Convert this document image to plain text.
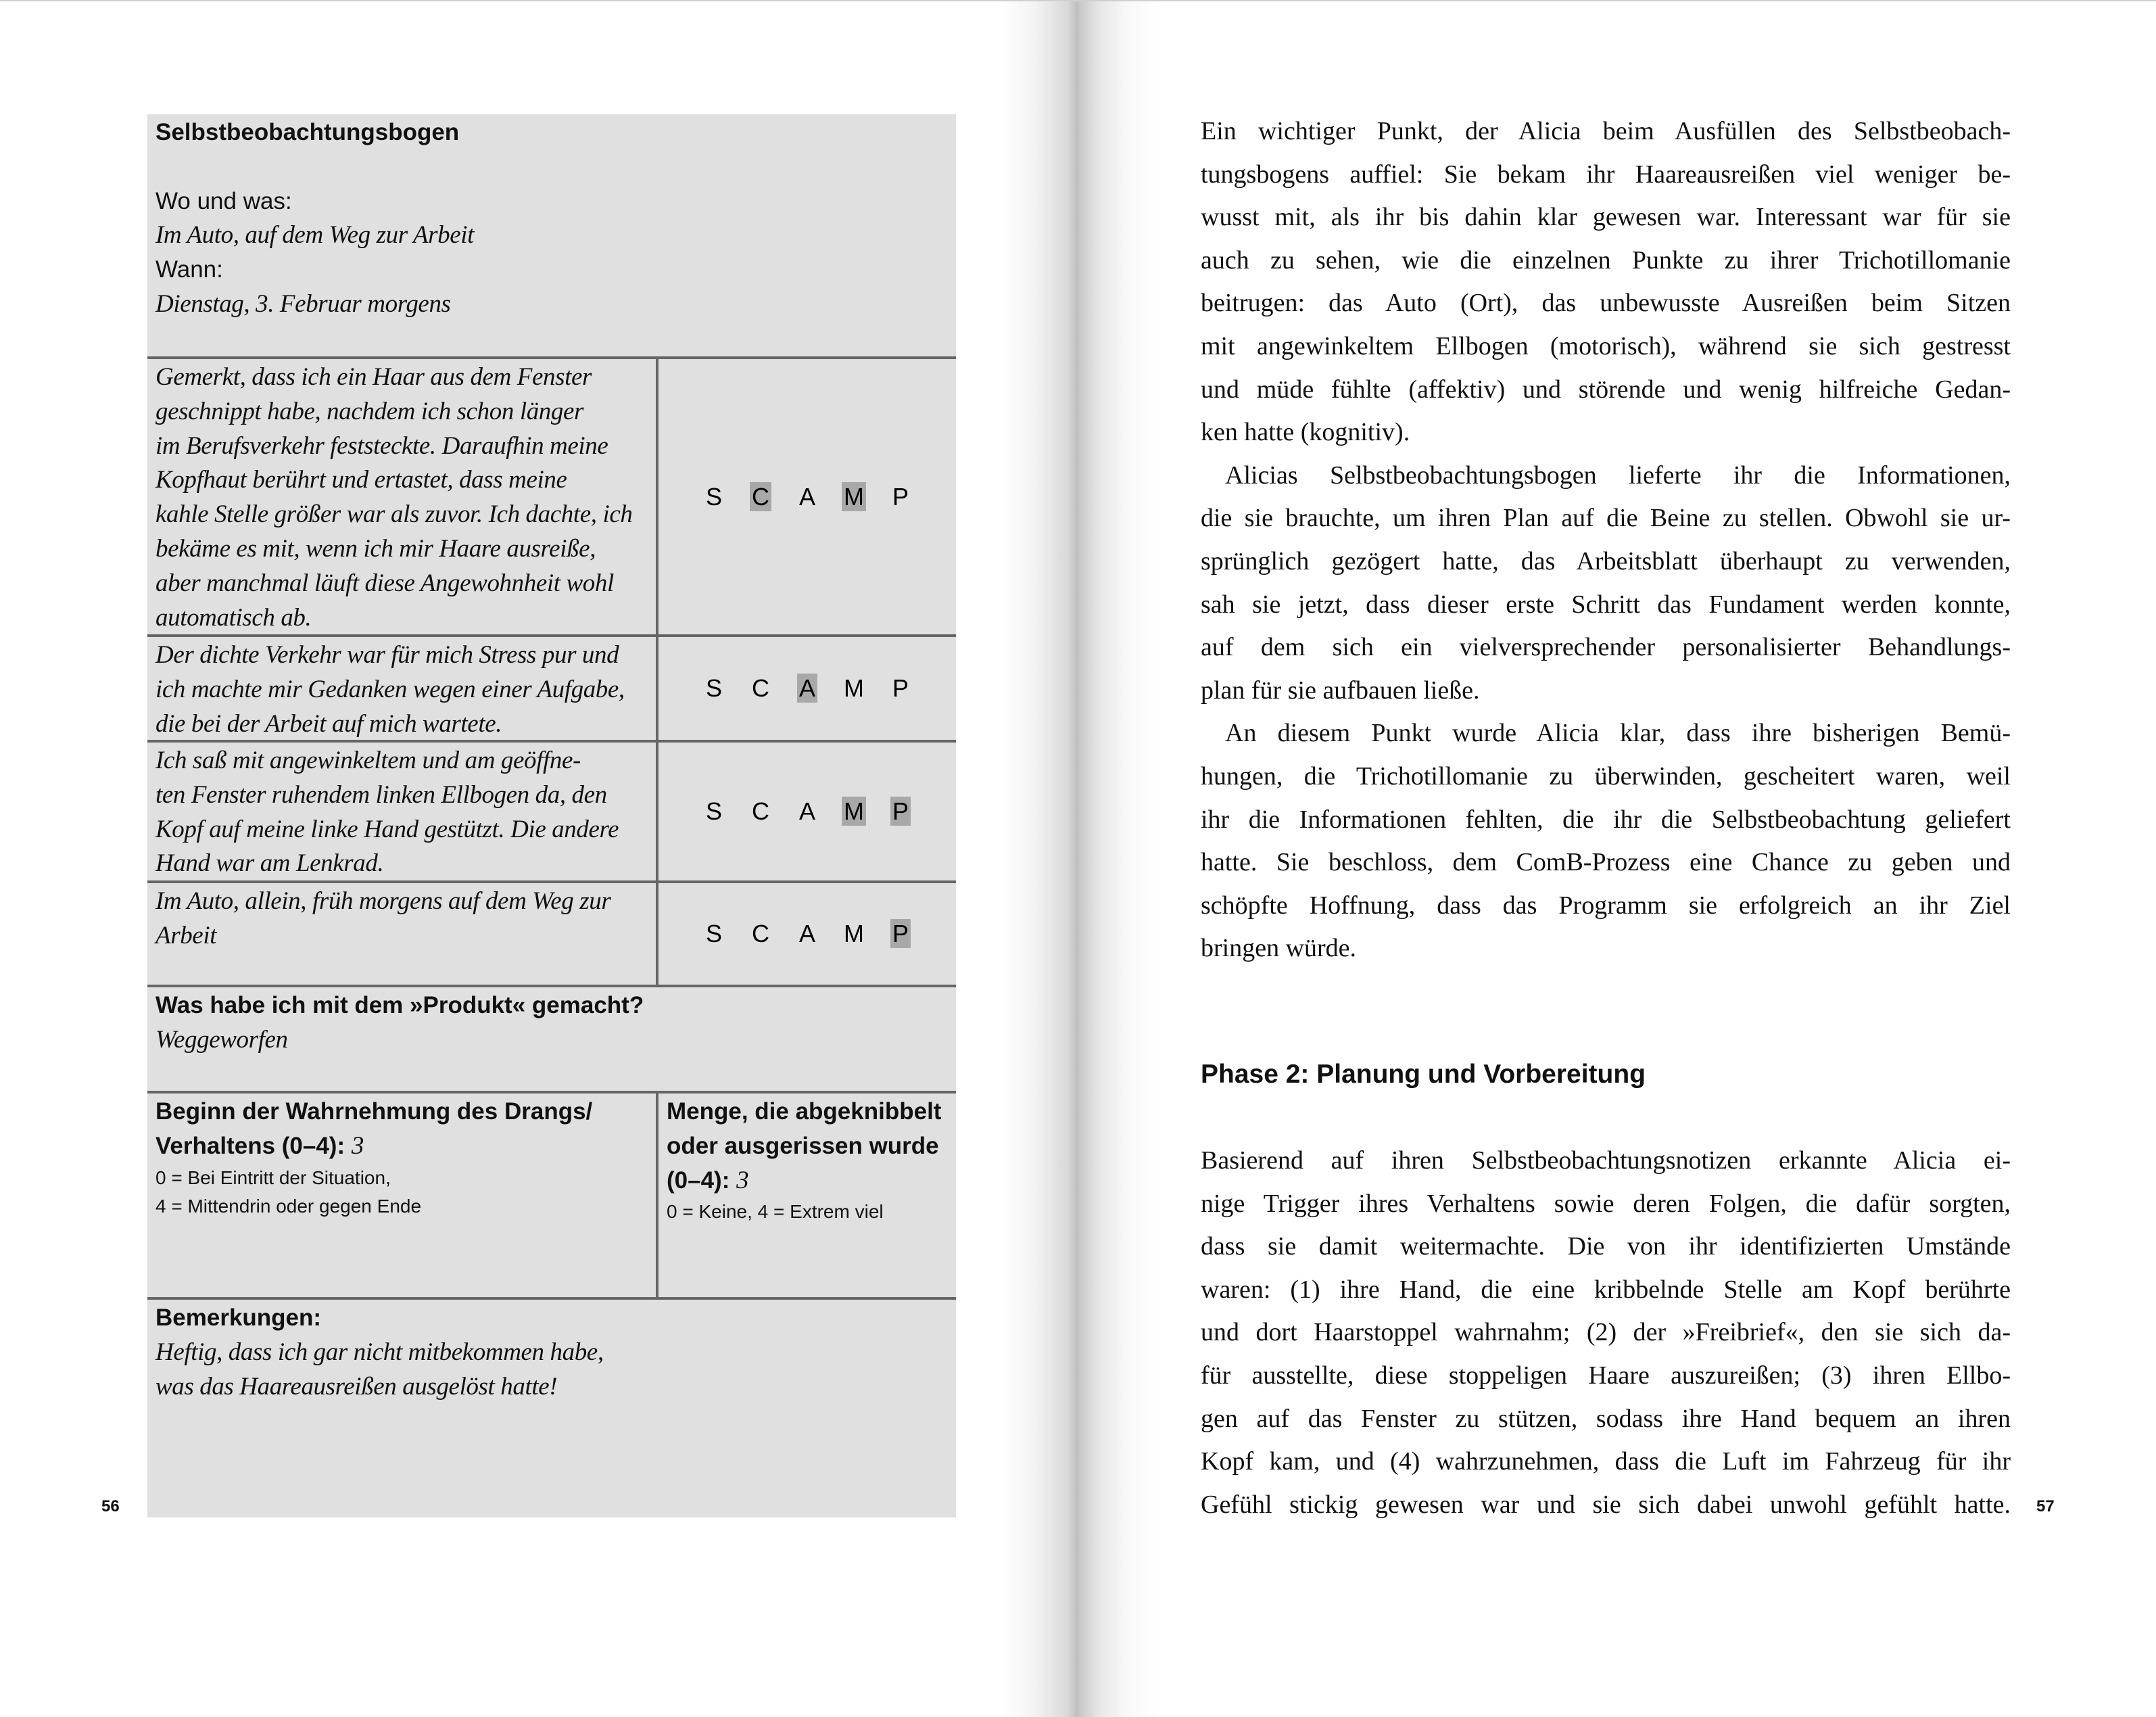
Selbstbeobachtungsbogen
Wo und was:
Im Auto, auf dem Weg zur Arbeit
Wann:
Dienstag, 3. Februar morgens
Gemerkt, dass ich ein Haar aus dem Fenster
geschnippt habe, nachdem ich schon länger
im Berufsverkehr feststeckte. Daraufhin meine
Kopfhaut berührt und ertastet, dass meine
kahle Stelle größer war als zuvor. Ich dachte, ich
bekäme es mit, wenn ich mir Haare ausreiße,
aber manchmal läuft diese Angewohnheit wohl
automatisch ab.
S	C	A	M	P
Der dichte Verkehr war für mich Stress pur und
ich machte mir Gedanken wegen einer Aufgabe,
die bei der Arbeit auf mich wartete.
S	C	A	M	P
Ich saß mit angewinkeltem und am geöffne-
ten Fenster ruhendem linken Ellbogen da, den
Kopf auf meine linke Hand gestützt. Die andere
Hand war am Lenkrad.
S	C	A	M	P
Im Auto, allein, früh morgens auf dem Weg zur
Arbeit	S	C	A	M	P
Was habe ich mit dem »Produkt« gemacht?
Weggeworfen
Beginn der Wahrnehmung des Drangs/
Verhaltens (0–4): 3
0 = Bei Eintritt der Situation,
4 = Mittendrin oder gegen Ende
Menge, die abgeknibbelt
oder ausgerissen wurde
(0–4): 3
0 = Keine, 4 = Extrem viel
Bemerkungen:
Heftig, dass ich gar nicht mitbekommen habe,
was das Haareausreißen ausgelöst hatte!
56	57
Ein wichtiger Punkt, der Alicia beim Ausfüllen des Selbstbeobach-
tungsbogens auffiel: Sie bekam ihr Haareausreißen viel weniger be-
wusst mit, als ihr bis dahin klar gewesen war. Interessant war für sie
auch zu sehen, wie die einzelnen Punkte zu ihrer Trichotillomanie
beitrugen: das Auto (Ort), das unbewusste Ausreißen beim Sitzen
mit angewinkeltem Ellbogen (motorisch), während sie sich gestresst
und müde fühlte (affektiv) und störende und wenig hilfreiche Gedan-
ken hatte (kognitiv).
Alicias Selbstbeobachtungsbogen lieferte ihr die Informationen,
die sie brauchte, um ihren Plan auf die Beine zu stellen. Obwohl sie ur-
sprünglich gezögert hatte, das Arbeitsblatt überhaupt zu verwenden,
sah sie jetzt, dass dieser erste Schritt das Fundament werden konnte,
auf dem sich ein vielversprechender personalisierter Behandlungs-
plan für sie aufbauen ließe.
An diesem Punkt wurde Alicia klar, dass ihre bisherigen Bemü-
hungen, die Trichotillomanie zu überwinden, gescheitert waren, weil
ihr die Informationen fehlten, die ihr die Selbstbeobachtung geliefert
hatte. Sie beschloss, dem ComB-Prozess eine Chance zu geben und
schöpfte Hoffnung, dass das Programm sie erfolgreich an ihr Ziel
bringen würde.
Phase 2: Planung und Vorbereitung
Basierend auf ihren Selbstbeobachtungsnotizen erkannte Alicia ei-
nige Trigger ihres Verhaltens sowie deren Folgen, die dafür sorgten,
dass sie damit weitermachte. Die von ihr identifizierten Umstände
waren: (1) ihre Hand, die eine kribbelnde Stelle am Kopf berührte
und dort Haarstoppel wahrnahm; (2) der »Freibrief«, den sie sich da-
für ausstellte, diese stoppeligen Haare auszureißen; (3) ihren Ellbo-
gen auf das Fenster zu stützen, sodass ihre Hand bequem an ihren
Kopf kam, und (4) wahrzunehmen, dass die Luft im Fahrzeug für ihr
Gefühl stickig gewesen war und sie sich dabei unwohl gefühlt hatte.
